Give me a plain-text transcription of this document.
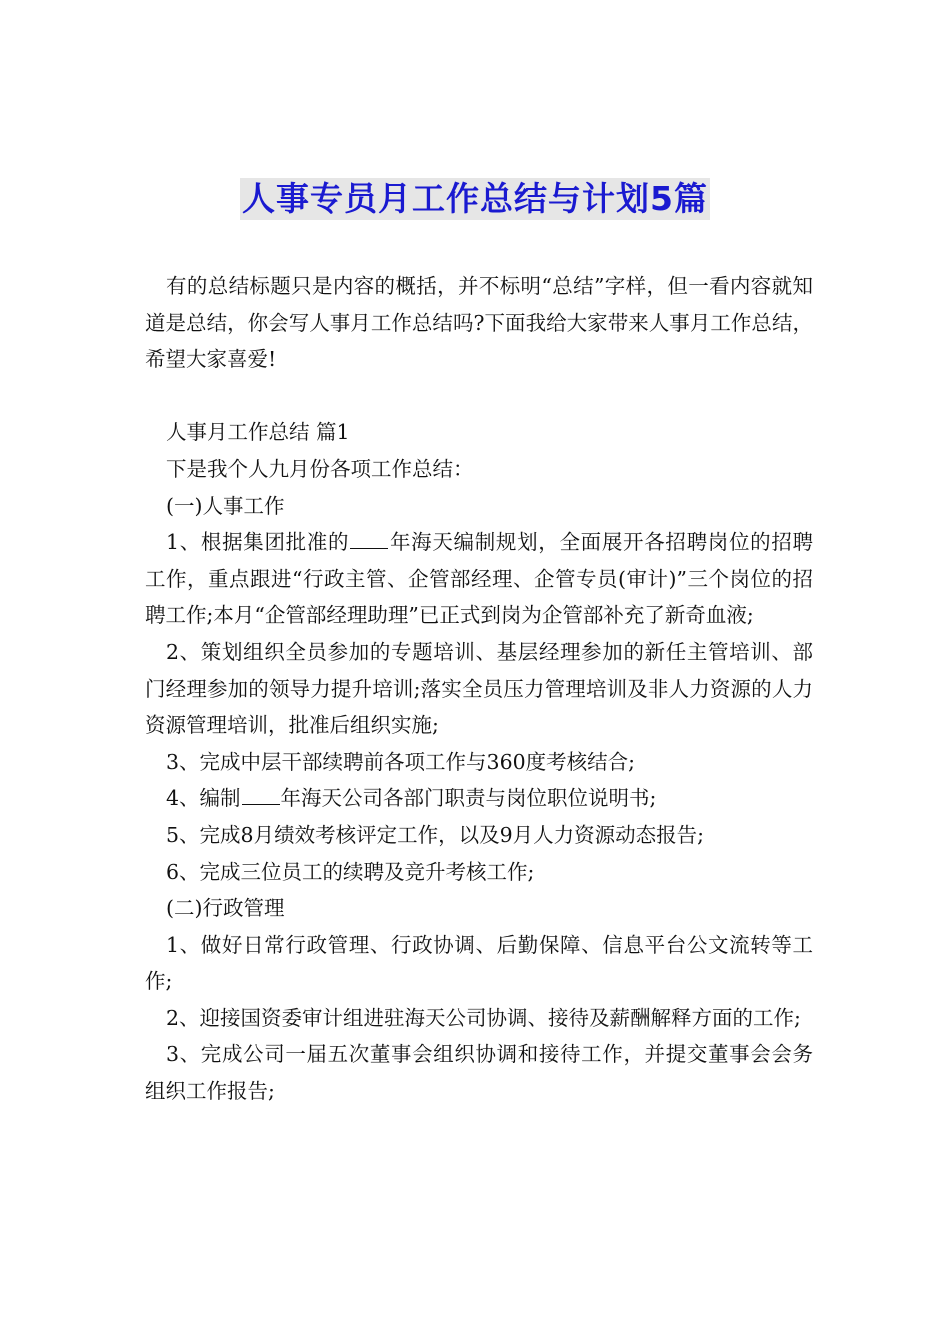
人事专员月工作总结与计划5篇

有的总结标题只是内容的概括，并不标明“总结”字样，但一看内容就知道是总结，你会写人事月工作总结吗?下面我给大家带来人事月工作总结，希望大家喜爱!

人事月工作总结 篇1

下是我个人九月份各项工作总结：

(一)人事工作

1、根据集团批准的 年海天编制规划，全面展开各招聘岗位的招聘工作，重点跟进“行政主管、企管部经理、企管专员(审计)”三个岗位的招聘工作;本月“企管部经理助理”已正式到岗为企管部补充了新奇血液;

2、策划组织全员参加的专题培训、基层经理参加的新任主管培训、部门经理参加的领导力提升培训;落实全员压力管理培训及非人力资源的人力资源管理培训，批准后组织实施;

3、完成中层干部续聘前各项工作与360度考核结合;

4、编制 年海天公司各部门职责与岗位职位说明书;

5、完成8月绩效考核评定工作，以及9月人力资源动态报告;

6、完成三位员工的续聘及竞升考核工作;

(二)行政管理

1、做好日常行政管理、行政协调、后勤保障、信息平台公文流转等工作;

2、迎接国资委审计组进驻海天公司协调、接待及薪酬解释方面的工作;

3、完成公司一届五次董事会组织协调和接待工作，并提交董事会会务组织工作报告;
